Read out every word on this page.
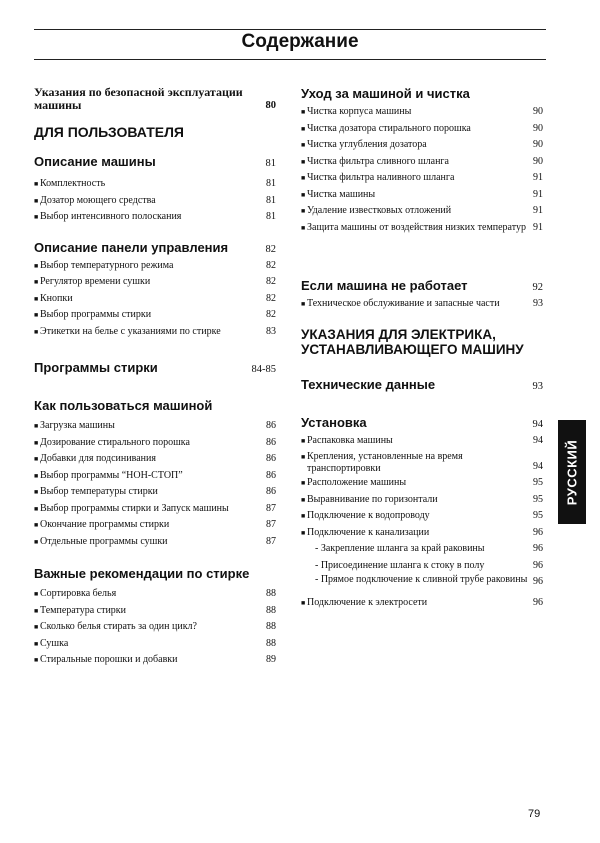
Содержание
Указания по безопасной эксплуатации машины	80
ДЛЯ ПОЛЬЗОВАТЕЛЯ
Описание машины	81
■ Комплектность	81
■ Дозатор моющего средства	81
■ Выбор интенсивного полоскания	81
Описание панели управления	82
■ Выбор температурного режима	82
■ Регулятор времени сушки	82
■ Кнопки	82
■ Выбор программы стирки	82
■ Этикетки на белье с указаниями по стирке	83
Программы стирки	84-85
Как пользоваться машиной
■ Загрузка машины	86
■ Дозирование стирального порошка	86
■ Добавки для подсинивания	86
■ Выбор программы “НОН-СТОП”	86
■ Выбор температуры стирки	86
■ Выбор программы стирки и Запуск машины	87
■ Окончание программы стирки	87
■ Отдельные программы сушки	87
Важные рекомендации по стирке
■ Сортировка белья	88
■ Температура стирки	88
■ Сколько белья стирать за один цикл?	88
■ Сушка	88
■ Стиральные порошки и добавки	89
Уход за машиной и чистка
■ Чистка корпуса машины	90
■ Чистка дозатора стирального порошка	90
■ Чистка углубления дозатора	90
■ Чистка фильтра сливного шланга	90
■ Чистка фильтра наливного шланга	91
■ Чистка машины	91
■ Удаление известковых отложений	91
■ Защита машины от воздействия низких температур 91
Если машина не работает	92
■ Техническое обслуживание и запасные части	93
УКАЗАНИЯ ДЛЯ ЭЛЕКТРИКА, УСТАНАВЛИВАЮЩЕГО МАШИНУ
Технические данные	93
Установка	94
■ Распаковка машины	94
■ Крепления, установленные на время транспортировки	94
■ Расположение машины	95
■ Выравнивание по горизонтали	95
■ Подключение к водопроводу	95
■ Подключение к канализации	96
- Закрепление шланга за край раковины	96
- Присоединение шланга к стоку в полу	96
- Прямое подключение к сливной трубе раковины 96
■ Подключение к электросети	96
РУССКИЙ
79
